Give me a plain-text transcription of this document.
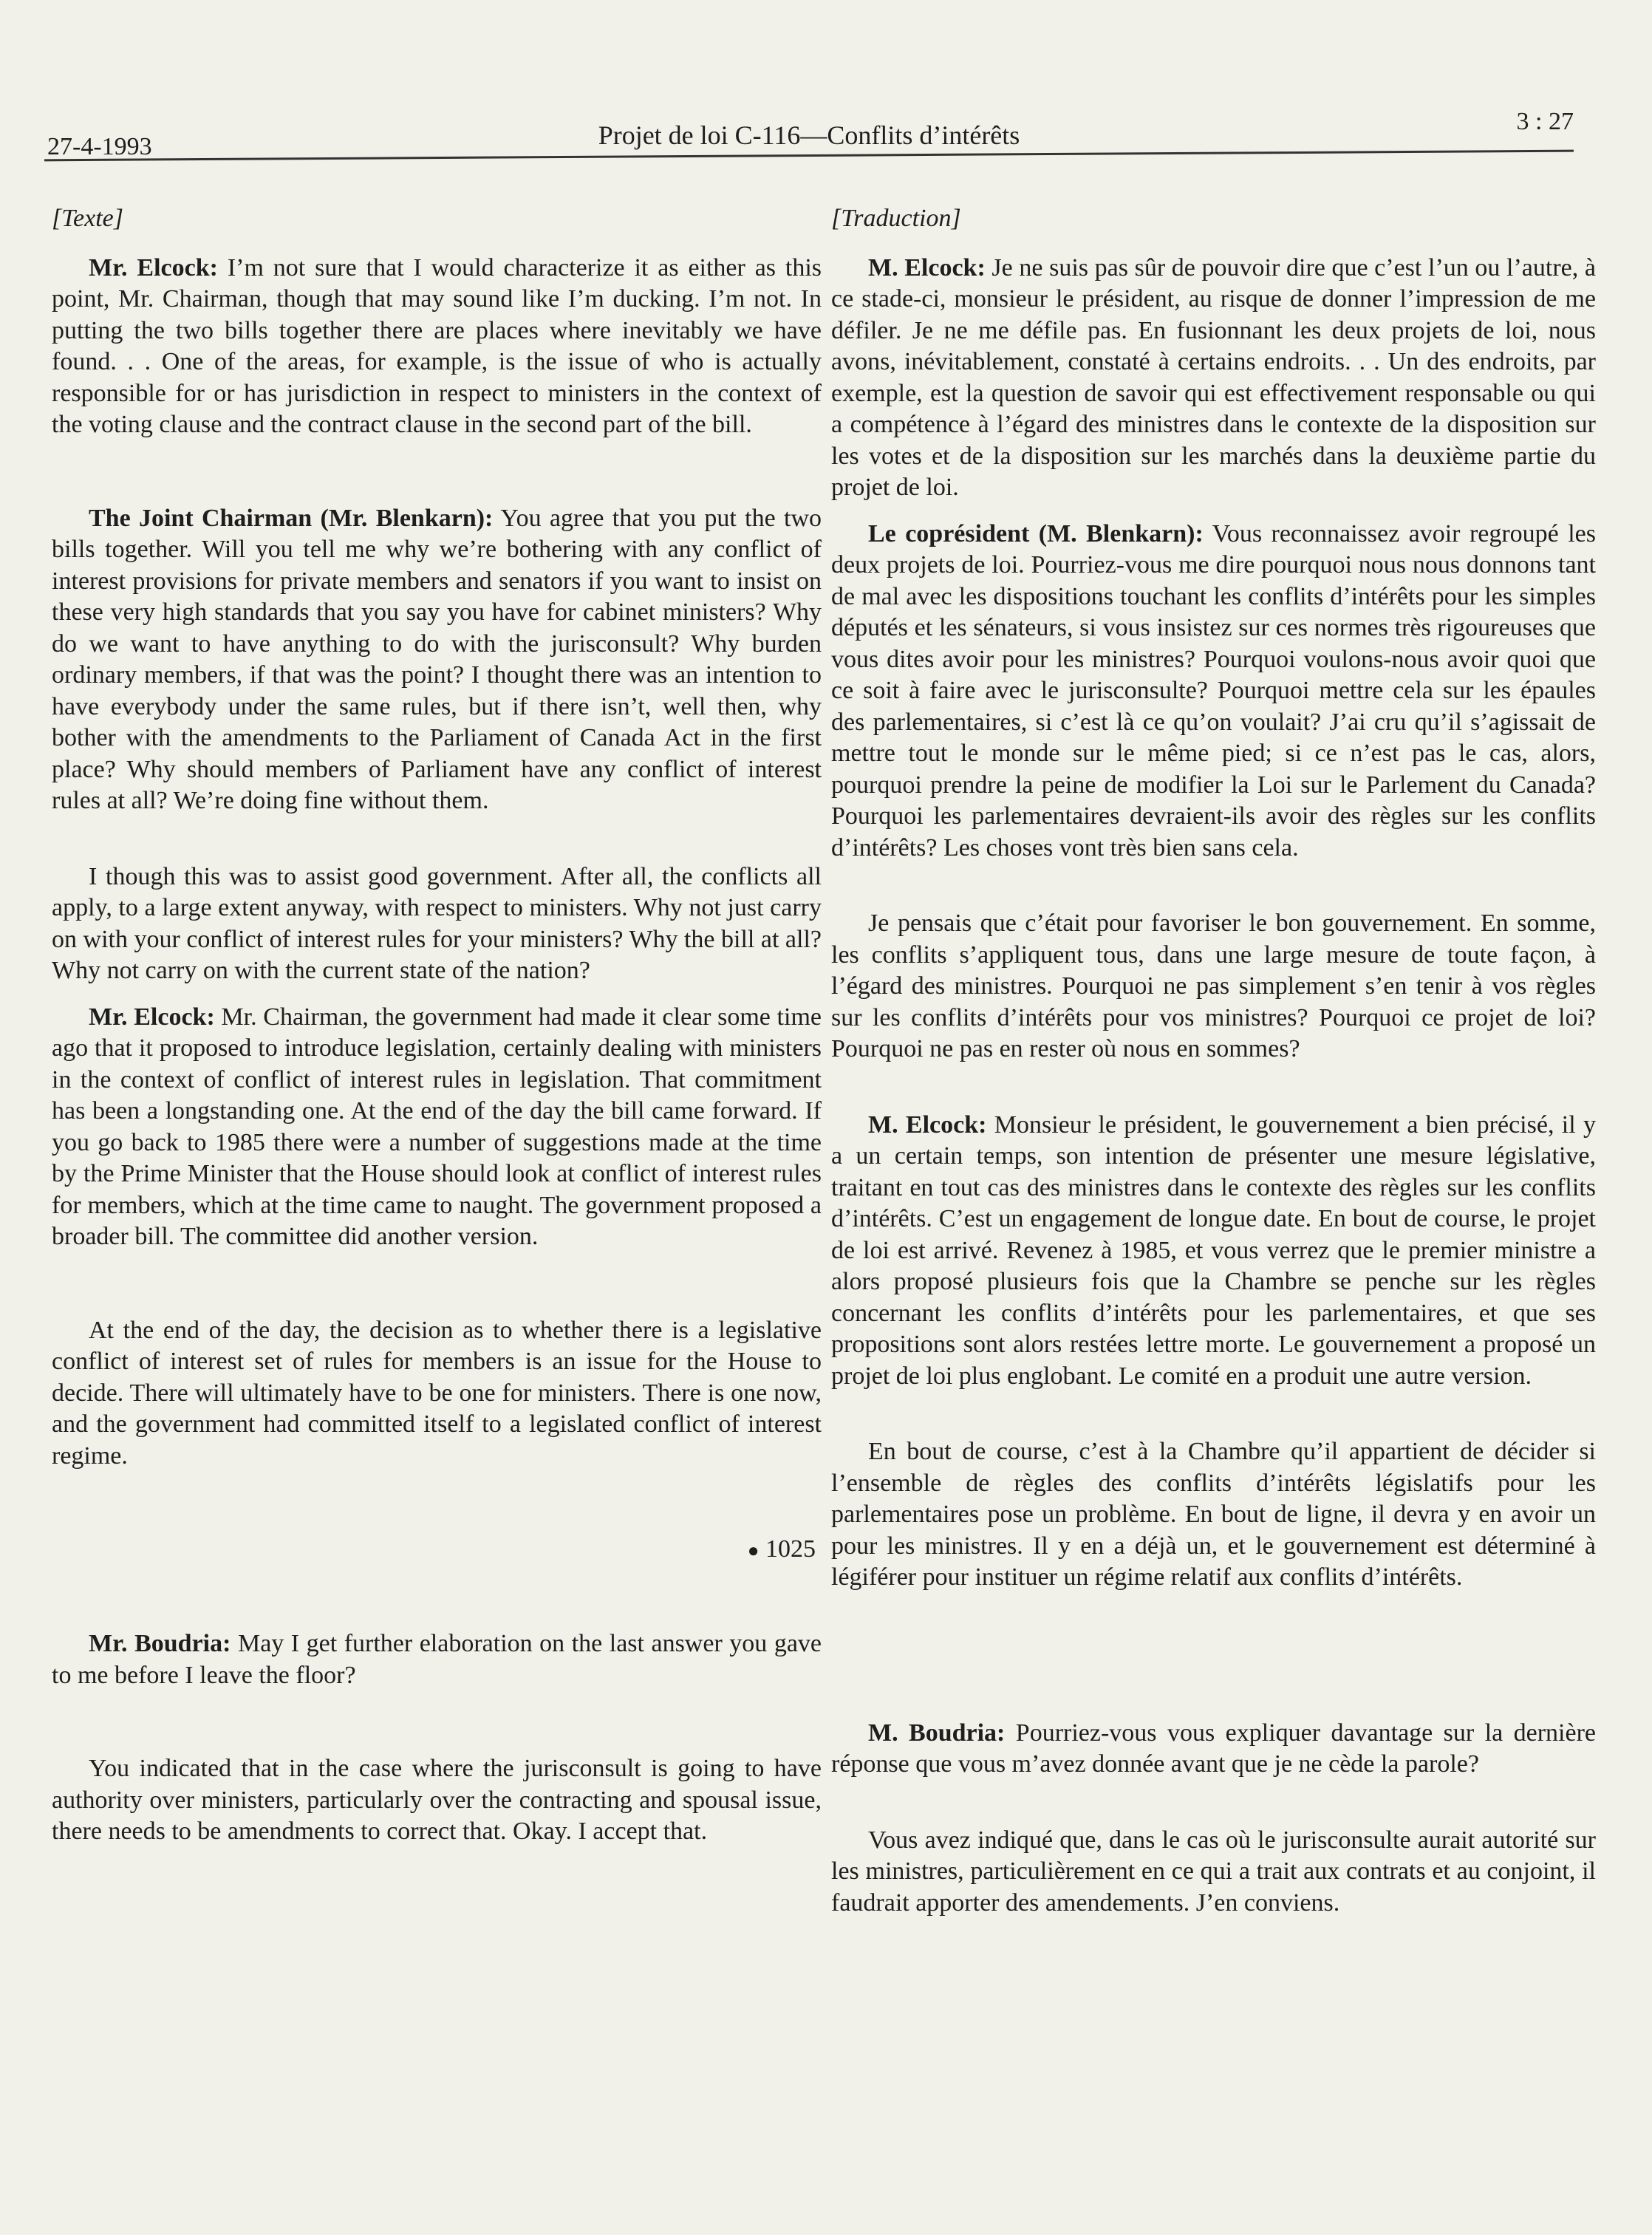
27-4-1993	Projet de loi C-116—Conflits d’intérêts	3 : 27
[Texte]

Mr. Elcock: I’m not sure that I would characterize it as either as this point, Mr. Chairman, though that may sound like I’m ducking. I’m not. In putting the two bills together there are places where inevitably we have found. . . One of the areas, for example, is the issue of who is actually responsible for or has jurisdiction in respect to ministers in the context of the voting clause and the contract clause in the second part of the bill.

The Joint Chairman (Mr. Blenkarn): You agree that you put the two bills together. Will you tell me why we’re bothering with any conflict of interest provisions for private members and senators if you want to insist on these very high standards that you say you have for cabinet ministers? Why do we want to have anything to do with the jurisconsult? Why burden ordinary members, if that was the point? I thought there was an intention to have everybody under the same rules, but if there isn’t, well then, why bother with the amendments to the Parliament of Canada Act in the first place? Why should members of Parliament have any conflict of interest rules at all? We’re doing fine without them.

I though this was to assist good government. After all, the conflicts all apply, to a large extent anyway, with respect to ministers. Why not just carry on with your conflict of interest rules for your ministers? Why the bill at all? Why not carry on with the current state of the nation?

Mr. Elcock: Mr. Chairman, the government had made it clear some time ago that it proposed to introduce legislation, certainly dealing with ministers in the context of conflict of interest rules in legislation. That commitment has been a longstanding one. At the end of the day the bill came forward. If you go back to 1985 there were a number of suggestions made at the time by the Prime Minister that the House should look at conflict of interest rules for members, which at the time came to naught. The government proposed a broader bill. The committee did another version.

At the end of the day, the decision as to whether there is a legislative conflict of interest set of rules for members is an issue for the House to decide. There will ultimately have to be one for ministers. There is one now, and the government had committed itself to a legislated conflict of interest regime.

● 1025

Mr. Boudria: May I get further elaboration on the last answer you gave to me before I leave the floor?

You indicated that in the case where the jurisconsult is going to have authority over ministers, particularly over the contracting and spousal issue, there needs to be amendments to correct that. Okay. I accept that.

[Traduction]

M. Elcock: Je ne suis pas sûr de pouvoir dire que c’est l’un ou l’autre, à ce stade-ci, monsieur le président, au risque de donner l’impression de me défiler. Je ne me défile pas. En fusionnant les deux projets de loi, nous avons, inévitablement, constaté à certains endroits. . . Un des endroits, par exemple, est la question de savoir qui est effectivement responsable ou qui a compétence à l’égard des ministres dans le contexte de la disposition sur les votes et de la disposition sur les marchés dans la deuxième partie du projet de loi.

Le coprésident (M. Blenkarn): Vous reconnaissez avoir regroupé les deux projets de loi. Pourriez-vous me dire pourquoi nous nous donnons tant de mal avec les dispositions touchant les conflits d’intérêts pour les simples députés et les sénateurs, si vous insistez sur ces normes très rigoureuses que vous dites avoir pour les ministres? Pourquoi voulons-nous avoir quoi que ce soit à faire avec le jurisconsulte? Pourquoi mettre cela sur les épaules des parlementaires, si c’est là ce qu’on voulait? J’ai cru qu’il s’agissait de mettre tout le monde sur le même pied; si ce n’est pas le cas, alors, pourquoi prendre la peine de modifier la Loi sur le Parlement du Canada? Pourquoi les parlementaires devraient-ils avoir des règles sur les conflits d’intérêts? Les choses vont très bien sans cela.

Je pensais que c’était pour favoriser le bon gouvernement. En somme, les conflits s’appliquent tous, dans une large mesure de toute façon, à l’égard des ministres. Pourquoi ne pas simplement s’en tenir à vos règles sur les conflits d’intérêts pour vos ministres? Pourquoi ce projet de loi? Pourquoi ne pas en rester où nous en sommes?

M. Elcock: Monsieur le président, le gouvernement a bien précisé, il y a un certain temps, son intention de présenter une mesure législative, traitant en tout cas des ministres dans le contexte des règles sur les conflits d’intérêts. C’est un engagement de longue date. En bout de course, le projet de loi est arrivé. Revenez à 1985, et vous verrez que le premier ministre a alors proposé plusieurs fois que la Chambre se penche sur les règles concernant les conflits d’intérêts pour les parlementaires, et que ses propositions sont alors restées lettre morte. Le gouvernement a proposé un projet de loi plus englobant. Le comité en a produit une autre version.

En bout de course, c’est à la Chambre qu’il appartient de décider si l’ensemble de règles des conflits d’intérêts législatifs pour les parlementaires pose un problème. En bout de ligne, il devra y en avoir un pour les ministres. Il y en a déjà un, et le gouvernement est déterminé à légiférer pour instituer un régime relatif aux conflits d’intérêts.

M. Boudria: Pourriez-vous vous expliquer davantage sur la dernière réponse que vous m’avez donnée avant que je ne cède la parole?

Vous avez indiqué que, dans le cas où le jurisconsulte aurait autorité sur les ministres, particulièrement en ce qui a trait aux contrats et au conjoint, il faudrait apporter des amendements. J’en conviens.
